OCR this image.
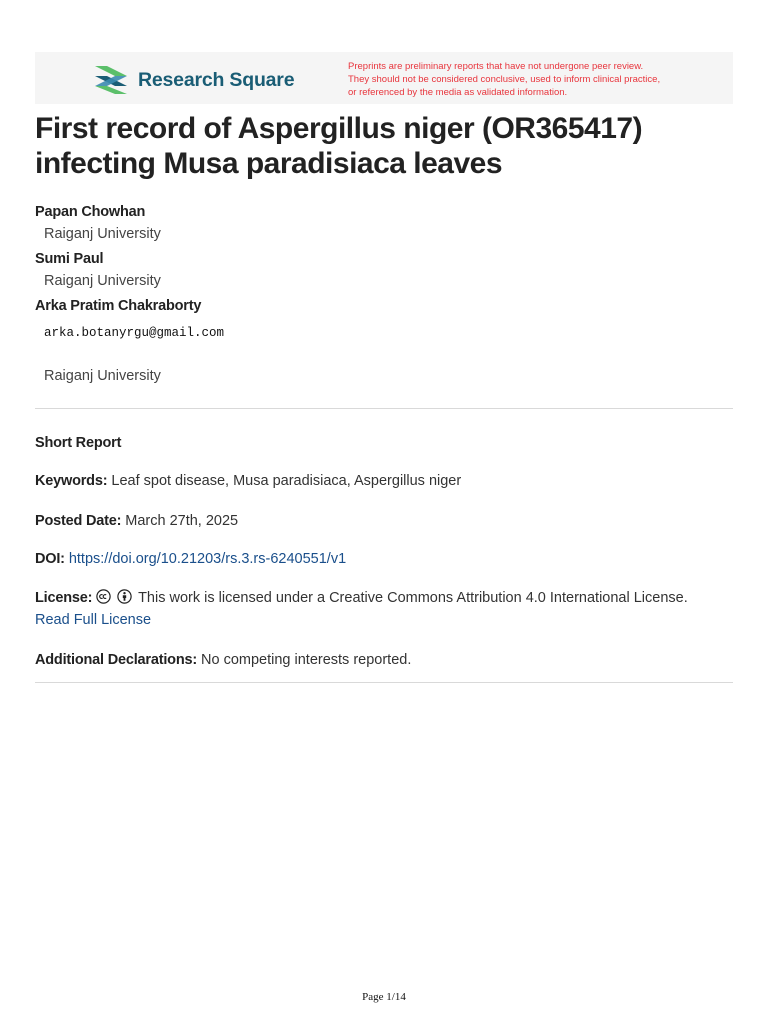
Research Square
Preprints are preliminary reports that have not undergone peer review.
They should not be considered conclusive, used to inform clinical practice,
or referenced by the media as validated information.
First record of Aspergillus niger (OR365417)
infecting Musa paradisiaca leaves
Papan Chowhan
Raiganj University
Sumi Paul
Raiganj University
Arka Pratim Chakraborty
arka.botanyrgu@gmail.com
Raiganj University
Short Report
Keywords: Leaf spot disease, Musa paradisiaca, Aspergillus niger
Posted Date: March 27th, 2025
DOI: https://doi.org/10.21203/rs.3.rs-6240551/v1
License:	This work is licensed under a Creative Commons Attribution 4.0 International License.
Read Full License
Additional Declarations: No competing interests reported.
Page 1/14
